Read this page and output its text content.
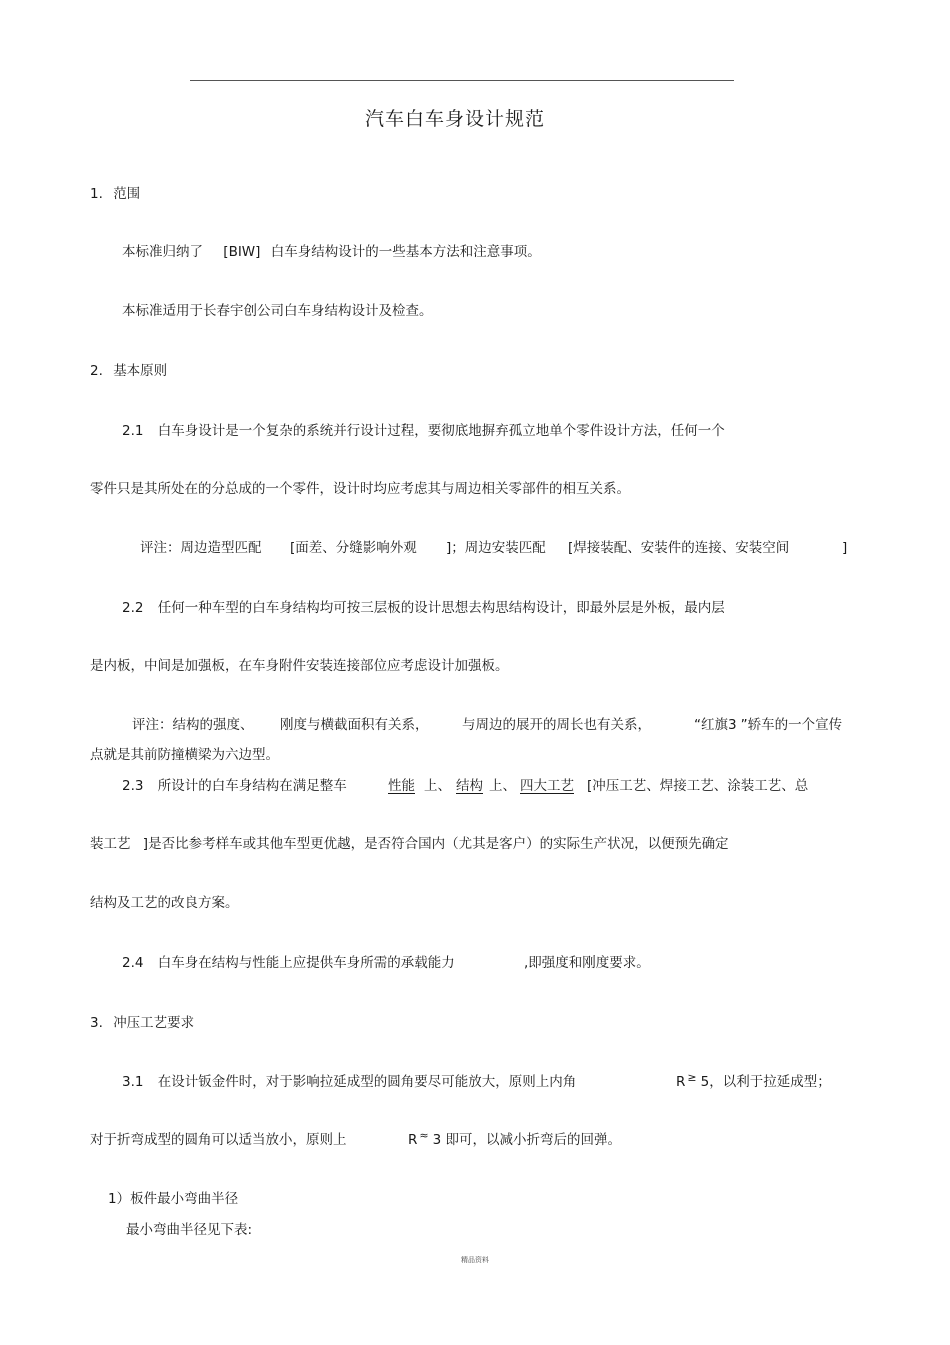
汽车白车身设计规范
1. 范围
本标准归纳了 [BIW] 白车身结构设计的一些基本方法和注意事项。
本标准适用于长春宇创公司白车身结构设计及检查。
2. 基本原则
2.1 白车身设计是一个复杂的系统并行设计过程，要彻底地摒弃孤立地单个零件设计方法，任何一个
零件只是其所处在的分总成的一个零件，设计时均应考虑其与周边相关零部件的相互关系。
评注：周边造型匹配 [面差、分缝影响外观 ]；周边安装匹配 [焊接装配、安装件的连接、安装空间	]
2.2 任何一种车型的白车身结构均可按三层板的设计思想去构思结构设计，即最外层是外板，最内层
是内板，中间是加强板，在车身附件安装连接部位应考虑设计加强板。
评注：结构的强度、 刚度与横截面积有关系， 与周边的展开的周长也有关系，	“红旗3 ”轿车的一个宣传
点就是其前防撞横梁为六边型。
2.3 所设计的白车身结构在满足整车	性能 上、 结构 上、 四大工艺 [冲压工艺、焊接工艺、涂装工艺、总
装工艺 ]是否比参考样车或其他车型更优越，是否符合国内（尤其是客户）的实际生产状况，以便预先确定
结构及工艺的改良方案。
2.4 白车身在结构与性能上应提供车身所需的承载能力	,即强度和刚度要求。
3. 冲压工艺要求
3.1 在设计钣金件时，对于影响拉延成型的圆角要尽可能放大，原则上内角	R ≥ 5，以利于拉延成型；
对于折弯成型的圆角可以适当放小，原则上	R ≈ 3 即可，以减小折弯后的回弹。
1）板件最小弯曲半径
最小弯曲半径见下表:
精品资料
